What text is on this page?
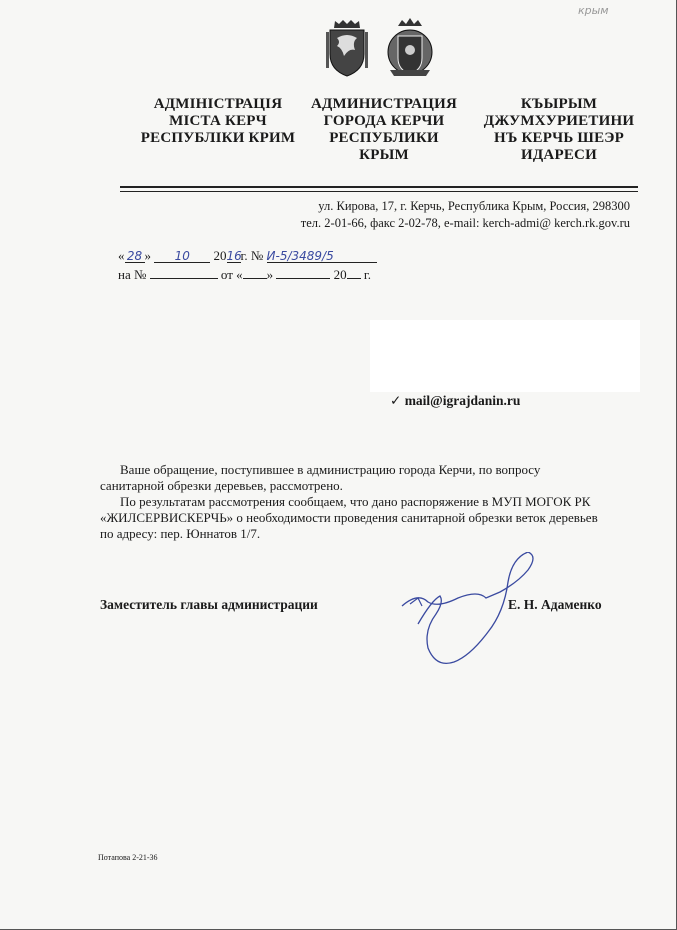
крым
АДМІНІСТРАЦІЯ
МІСТА КЕРЧ
РЕСПУБЛІКИ КРИМ
АДМИНИСТРАЦИЯ
ГОРОДА КЕРЧИ
РЕСПУБЛИКИ
КРЫМ
КЪЫРЫМ
ДЖУМХУРИЕТИНИ
НЪ КЕРЧЬ ШЕЭР
ИДАРЕСИ
ул. Кирова, 17, г. Керчь, Республика Крым, Россия, 298300
тел. 2-01-66, факс 2-02-78, e-mail: kerch-admi@ kerch.rk.gov.ru
« 28 » 10 2016г. № И-5/3489/5
на №	от « »	20 г.
✓ mail@igrajdanin.ru
Ваше обращение, поступившее в администрацию города Керчи, по вопросу санитарной обрезки деревьев, рассмотрено.
По результатам рассмотрения сообщаем, что дано распоряжение в МУП МОГОК РК «ЖИЛСЕРВИСКЕРЧЬ» о необходимости проведения санитарной обрезки веток деревьев по адресу: пер. Юннатов 1/7.
Заместитель главы администрации	Е. Н. Адаменко
Потапова 2-21-36
